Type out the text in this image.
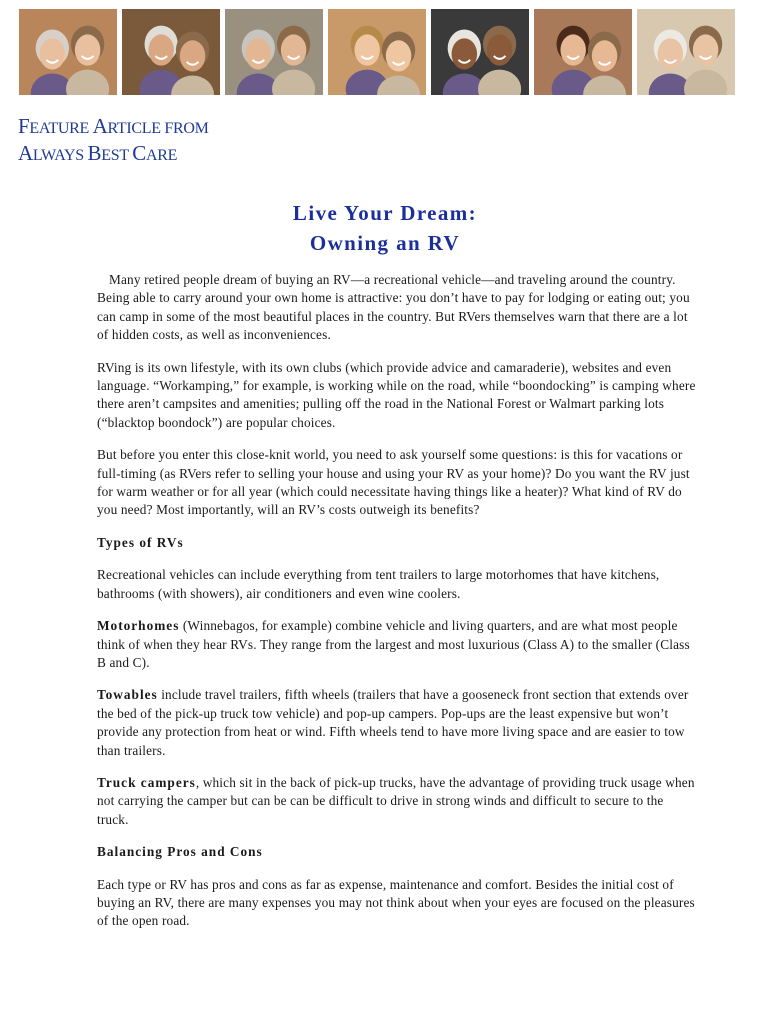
FEATURE ARTICLE FROM
ALWAYS BEST CARE
Live Your Dream:
Owning an RV

Many retired people dream of buying an RV—a recreational vehicle—and traveling around the country. Being able to carry around your own home is attractive: you don’t have to pay for lodging or eating out; you can camp in some of the most beautiful places in the country. But RVers themselves warn that there are a lot of hidden costs, as well as inconveniences.

RVing is its own lifestyle, with its own clubs (which provide advice and camaraderie), websites and even language. “Workamping,” for example, is working while on the road, while “boondocking” is camping where there aren’t campsites and amenities; pulling off the road in the National Forest or Walmart parking lots (“blacktop boondock”) are popular choices.

But before you enter this close-knit world, you need to ask yourself some questions: is this for vacations or full-timing (as RVers refer to selling your house and using your RV as your home)? Do you want the RV just for warm weather or for all year (which could necessitate having things like a heater)? What kind of RV do you need? Most importantly, will an RV’s costs outweigh its benefits?

Types of RVs

Recreational vehicles can include everything from tent trailers to large motorhomes that have kitchens, bathrooms (with showers), air conditioners and even wine coolers.

Motorhomes (Winnebagos, for example) combine vehicle and living quarters, and are what most people think of when they hear RVs. They range from the largest and most luxurious (Class A) to the smaller (Class B and C).

Towables include travel trailers, fifth wheels (trailers that have a gooseneck front section that extends over the bed of the pick-up truck tow vehicle) and pop-up campers. Pop-ups are the least expensive but won’t provide any protection from heat or wind. Fifth wheels tend to have more living space and are easier to tow than trailers.

Truck campers, which sit in the back of pick-up trucks, have the advantage of providing truck usage when not carrying the camper but can be can be difficult to drive in strong winds and difficult to secure to the truck.

Balancing Pros and Cons

Each type or RV has pros and cons as far as expense, maintenance and comfort. Besides the initial cost of buying an RV, there are many expenses you may not think about when your eyes are focused on the pleasures of the open road.
